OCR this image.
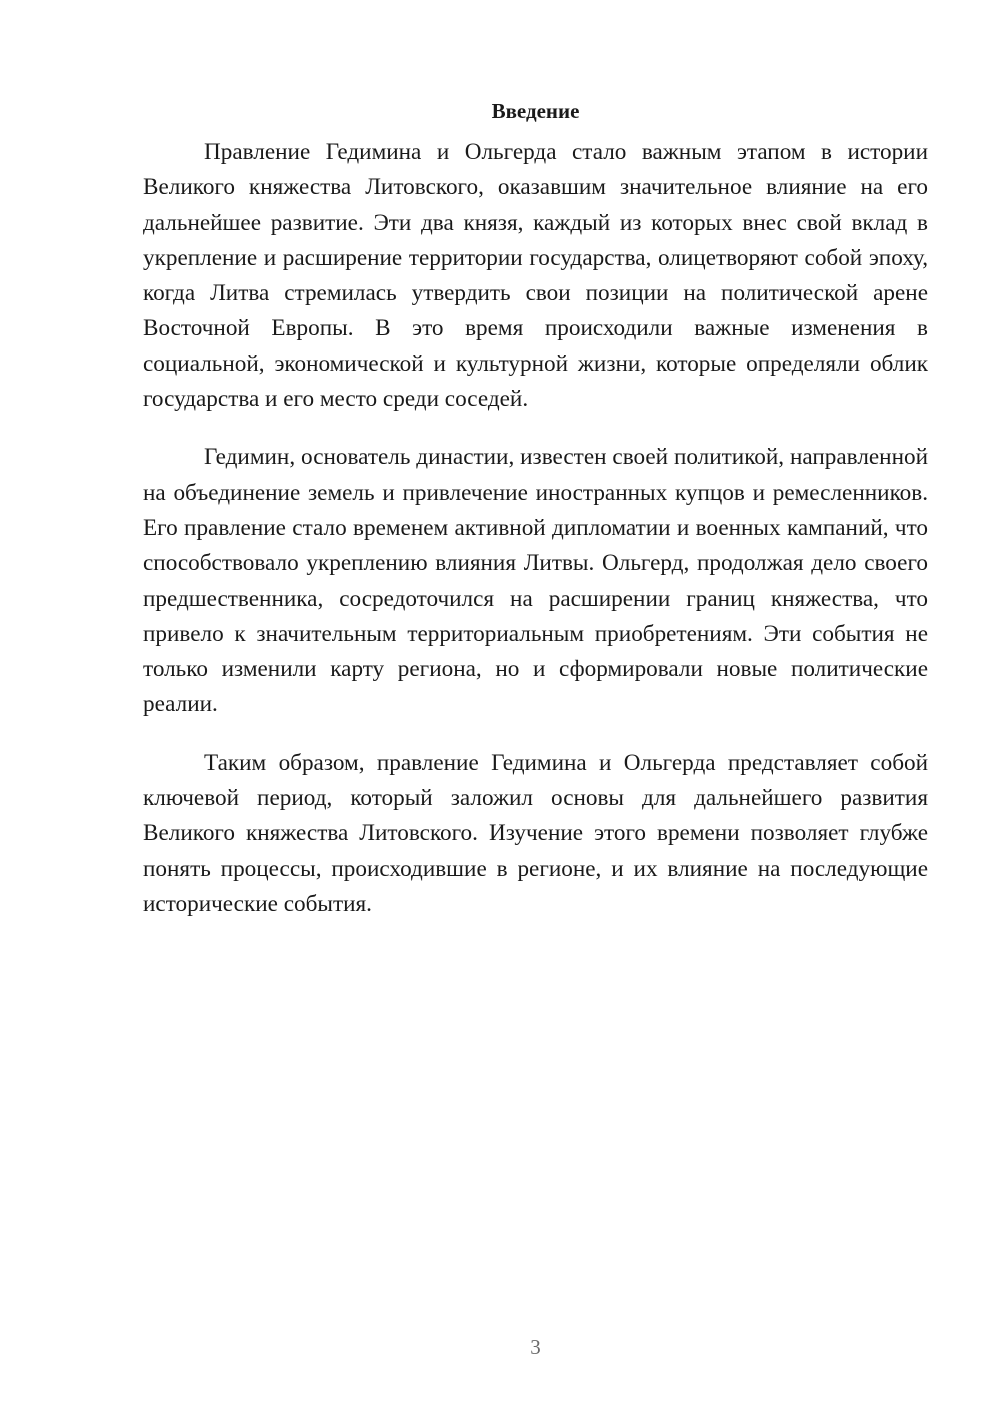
Введение

Правление Гедимина и Ольгерда стало важным этапом в истории Великого княжества Литовского, оказавшим значительное влияние на его дальнейшее развитие. Эти два князя, каждый из которых внес свой вклад в укрепление и расширение территории государства, олицетворяют собой эпоху, когда Литва стремилась утвердить свои позиции на политической арене Восточной Европы. В это время происходили важные изменения в социальной, экономической и культурной жизни, которые определяли облик государства и его место среди соседей.

Гедимин, основатель династии, известен своей политикой, направленной на объединение земель и привлечение иностранных купцов и ремесленников. Его правление стало временем активной дипломатии и военных кампаний, что способствовало укреплению влияния Литвы. Ольгерд, продолжая дело своего предшественника, сосредоточился на расширении границ княжества, что привело к значительным территориальным приобретениям. Эти события не только изменили карту региона, но и сформировали новые политические реалии.

Таким образом, правление Гедимина и Ольгерда представляет собой ключевой период, который заложил основы для дальнейшего развития Великого княжества Литовского. Изучение этого времени позволяет глубже понять процессы, происходившие в регионе, и их влияние на последующие исторические события.

3
